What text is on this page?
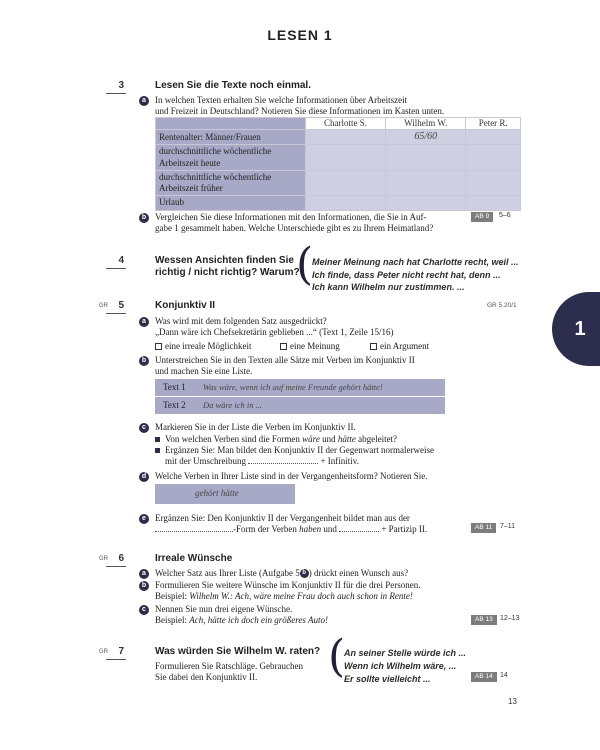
LESEN 1
3	Lesen Sie die Texte noch einmal.
a	In welchen Texten erhalten Sie welche Informationen über Arbeitszeit
und Freizeit in Deutschland? Notieren Sie diese Informationen im Kasten unten.
	Charlotte S.	Wilhelm W.	Peter R.
Rentenalter: Männer/Frauen		65/60	
durchschnittliche wöchentliche Arbeitszeit heute			
durchschnittliche wöchentliche Arbeitszeit früher			
Urlaub			
b Vergleichen Sie diese Informationen mit den Informationen, die Sie in Auf-
gabe 1 gesammelt haben. Welche Unterschiede gibt es zu Ihrem Heimatland?
AB 9	5–6
4	Wessen Ansichten finden Sie
richtig / nicht richtig? Warum?
(
Meiner Meinung nach hat Charlotte recht, weil ...
Ich finde, dass Peter nicht recht hat, denn ...
Ich kann Wilhelm nur zustimmen. ...
GR	5	Konjunktiv II	GR 5.20/1
1
a	Was wird mit dem folgenden Satz ausgedrückt?
„Dann wäre ich Chefsekretärin geblieben ...“ (Text 1, Zeile 15/16)
eine irreale Möglichkeit	eine Meinung	ein Argument
b Unterstreichen Sie in den Texten alle Sätze mit Verben im Konjunktiv II
und machen Sie eine Liste.
Text 1 Was wäre, wenn ich auf meine Freunde gehört hätte!
Text 2 Da wäre ich in ...
c	Markieren Sie in der Liste die Verben im Konjunktiv II.
Von welchen Verben sind die Formen wäre und hätte abgeleitet?
Ergänzen Sie: Man bildet den Konjunktiv II der Gegenwart normalerweise
mit der Umschreibung	+ Infinitiv.
d Welche Verben in Ihrer Liste sind in der Vergangenheitsform? Notieren Sie.
gehört hätte
e	Ergänzen Sie: Den Konjunktiv II der Vergangenheit bildet man aus der
-Form der Verben haben und	+ Partizip II.	AB 11	7–11
GR	6	Irreale Wünsche
a	Welcher Satz aus Ihrer Liste (Aufgabe 5 b ) drückt einen Wunsch aus?
b Formulieren Sie weitere Wünsche im Konjunktiv II für die drei Personen.
Beispiel: Wilhelm W.: Ach, wäre meine Frau doch auch schon in Rente!
c	Nennen Sie nun drei eigene Wünsche.
Beispiel: Ach, hätte ich doch ein größeres Auto!	AB 13	12–13
GR	7	Was würden Sie Wilhelm W. raten?
Formulieren Sie Ratschläge. Gebrauchen
Sie dabei den Konjunktiv II. (
An seiner Stelle würde ich ...
Wenn ich Wilhelm wäre, ...
Er sollte vielleicht ...	AB 14	14
13
